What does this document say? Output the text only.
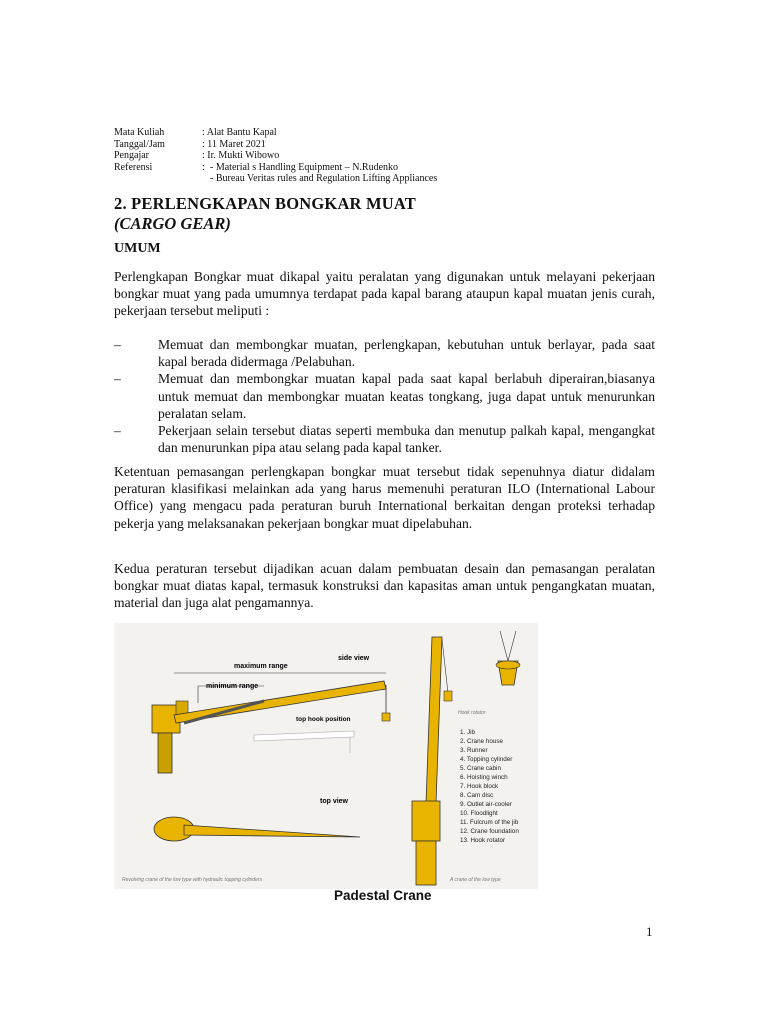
Mata Kuliah	: Alat Bantu Kapal
Tanggal/Jam	: 11 Maret 2021
Pengajar	: Ir. Mukti Wibowo
Referensi	: - Material s Handling Equipment – N.Rudenko
- Bureau Veritas rules and Regulation Lifting Appliances
2. PERLENGKAPAN BONGKAR MUAT
(CARGO GEAR)
UMUM
Perlengkapan Bongkar muat dikapal yaitu peralatan yang digunakan untuk melayani pekerjaan bongkar muat yang pada umumnya terdapat pada kapal barang ataupun kapal muatan jenis curah, pekerjaan tersebut meliputi :
–	Memuat dan membongkar muatan, perlengkapan, kebutuhan untuk berlayar, pada saat kapal berada didermaga /Pelabuhan.
–	Memuat dan membongkar muatan kapal pada saat kapal berlabuh diperairan,biasanya untuk memuat dan membongkar muatan keatas tongkang, juga dapat untuk menurunkan peralatan selam.
–	Pekerjaan selain tersebut diatas seperti membuka dan menutup palkah kapal, mengangkat dan menurunkan pipa atau selang pada kapal tanker.
Ketentuan pemasangan perlengkapan bongkar muat tersebut tidak sepenuhnya diatur didalam peraturan klasifikasi melainkan ada yang harus memenuhi peraturan ILO (International Labour Office) yang mengacu pada peraturan buruh International berkaitan dengan proteksi terhadap pekerja yang melaksanakan pekerjaan bongkar muat dipelabuhan.
Kedua peraturan tersebut dijadikan acuan dalam pembuatan desain dan pemasangan peralatan bongkar muat diatas kapal, termasuk konstruksi dan kapasitas aman untuk pengangkatan muatan, material dan juga alat pengamannya.
side view
maximum range
minimum range
top hook position
top view
Hook rotator
1. Jib
2. Crane house
3. Runner
4. Topping cylinder
5. Crane cabin
6. Hoisting winch
7. Hook block
8. Cam disc
9. Outlet air-cooler
10. Floodlight
11. Fulcrum of the jib
12. Crane foundation
13. Hook rotator
Revolving crane of the low type with hydraulic topping cylinders	A crane of the low type
Padestal Crane
1
